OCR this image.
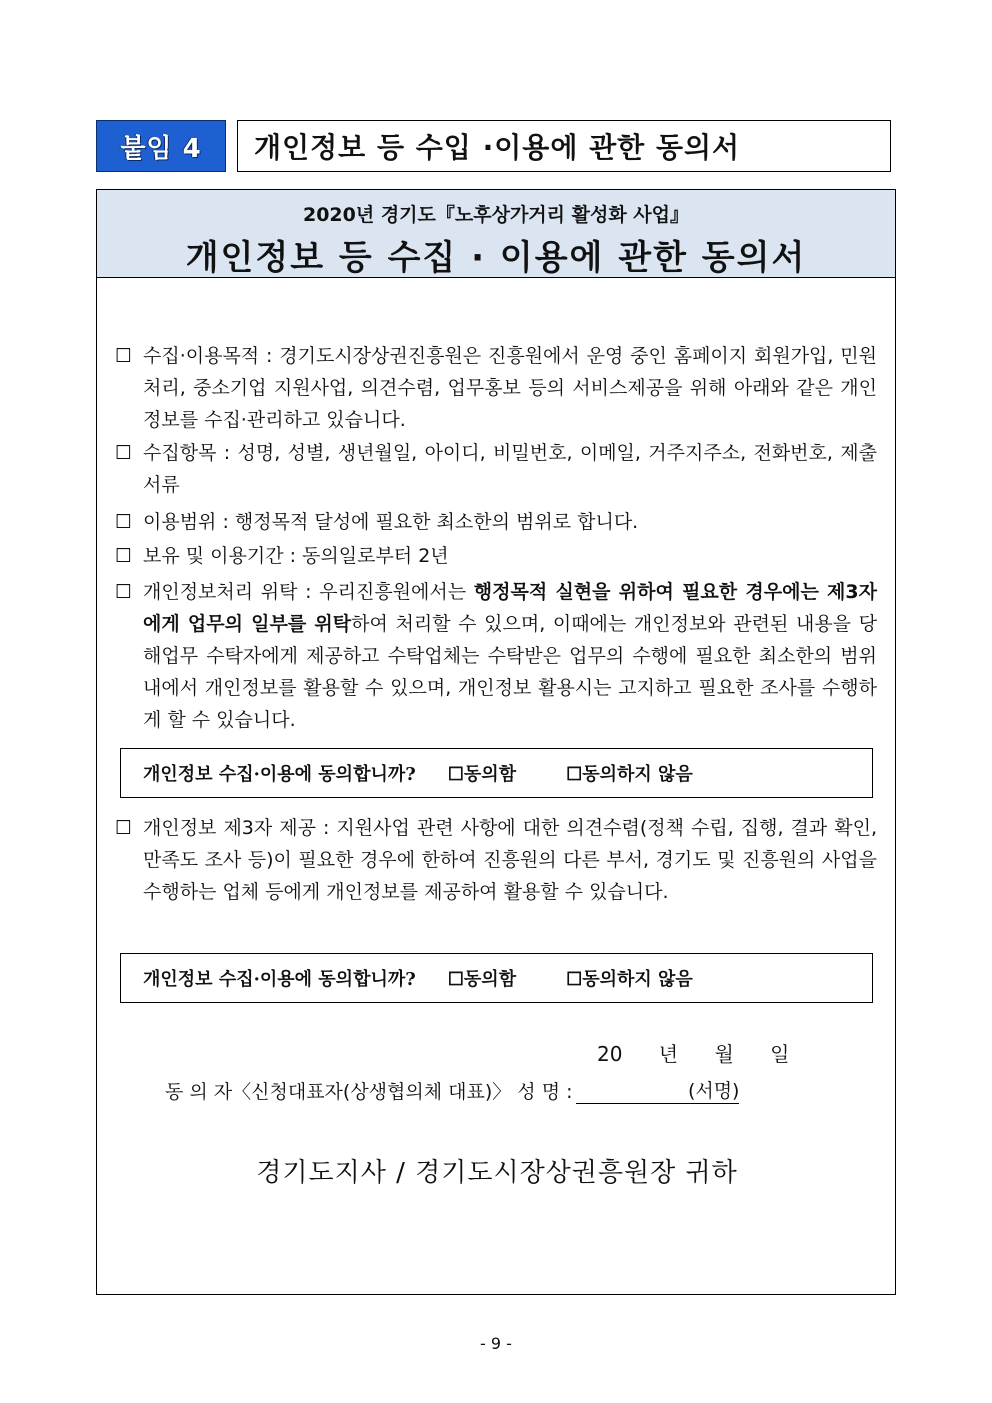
붙임 4	개인정보 등 수입 ·이용에 관한 동의서
2020년 경기도『노후상가거리 활성화 사업』
개인정보 등 수집 · 이용에 관한 동의서
☐ 수집·이용목적 : 경기도시장상권진흥원은 진흥원에서 운영 중인 홈페이지 회원가입, 민원처리, 중소기업 지원사업, 의견수렴, 업무홍보 등의 서비스제공을 위해 아래와 같은 개인정보를 수집·관리하고 있습니다.
☐ 수집항목 : 성명, 성별, 생년월일, 아이디, 비밀번호, 이메일, 거주지주소, 전화번호, 제출서류
☐ 이용범위 : 행정목적 달성에 필요한 최소한의 범위로 합니다.
☐ 보유 및 이용기간 : 동의일로부터 2년
☐ 개인정보처리 위탁 : 우리진흥원에서는 행정목적 실현을 위하여 필요한 경우에는 제3자에게 업무의 일부를 위탁하여 처리할 수 있으며, 이때에는 개인정보와 관련된 내용을 당해업무 수탁자에게 제공하고 수탁업체는 수탁받은 업무의 수행에 필요한 최소한의 범위 내에서 개인정보를 활용할 수 있으며, 개인정보 활용시는 고지하고 필요한 조사를 수행하게 할 수 있습니다.
개인정보 수집·이용에 동의합니까? ☐동의함	☐동의하지 않음
☐ 개인정보 제3자 제공 : 지원사업 관련 사항에 대한 의견수렴(정책 수립, 집행, 결과 확인, 만족도 조사 등)이 필요한 경우에 한하여 진흥원의 다른 부서, 경기도 및 진흥원의 사업을 수행하는 업체 등에게 개인정보를 제공하여 활용할 수 있습니다.
개인정보 수집·이용에 동의합니까? ☐동의함	☐동의하지 않음
20 년 월 일
동 의 자〈신청대표자(상생협의체 대표)〉 성 명 :	(서명)
경기도지사 / 경기도시장상권흥원장 귀하
- 9 -
